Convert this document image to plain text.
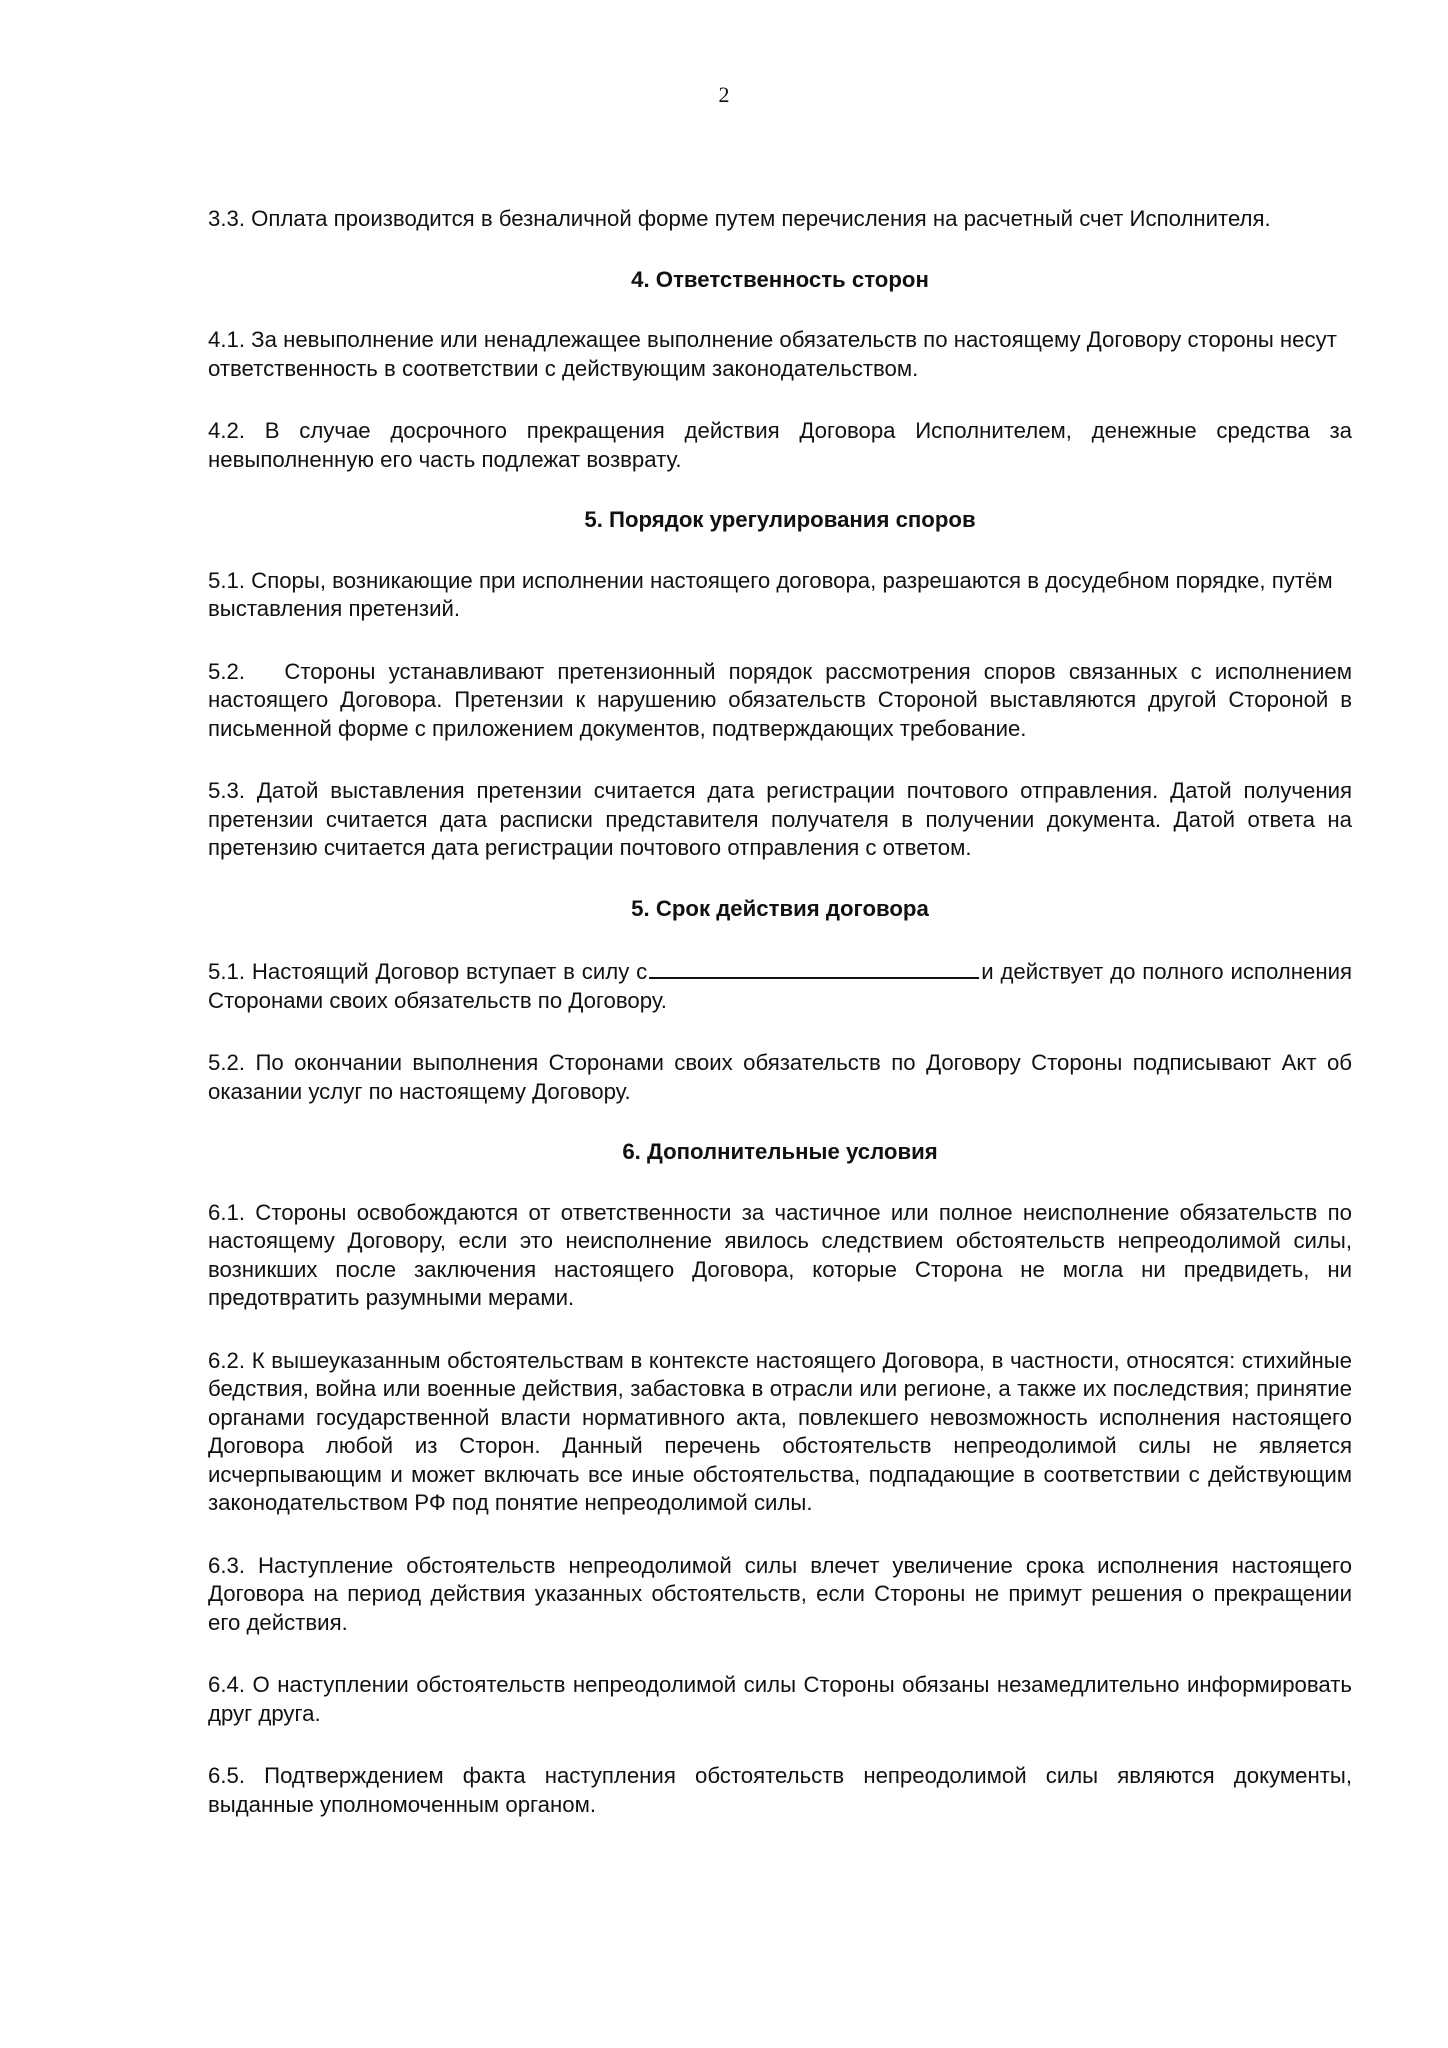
2

3.3. Оплата производится в безналичной форме путем перечисления на расчетный счет Исполнителя.

4. Ответственность сторон

4.1. За невыполнение или ненадлежащее выполнение обязательств по настоящему Договору стороны несут ответственность в соответствии с действующим законодательством.

4.2. В случае досрочного прекращения действия Договора Исполнителем, денежные средства за невыполненную его часть подлежат возврату.

5. Порядок урегулирования споров

5.1. Споры, возникающие при исполнении настоящего договора, разрешаются в досудебном порядке, путём выставления претензий.

5.2.   Стороны устанавливают претензионный порядок рассмотрения споров связанных с исполнением настоящего Договора. Претензии к нарушению обязательств Стороной выставляются другой Стороной в письменной форме с приложением документов, подтверждающих требование.

5.3. Датой выставления претензии считается дата регистрации почтового отправления. Датой получения претензии считается дата расписки представителя получателя в получении документа. Датой ответа на претензию считается дата регистрации почтового отправления с ответом.

5. Срок действия договора

5.1. Настоящий Договор вступает в силу с	и действует до полного исполнения Сторонами своих обязательств по Договору.

5.2. По окончании выполнения Сторонами своих обязательств по Договору Стороны подписывают Акт об оказании услуг по настоящему Договору.

6. Дополнительные условия

6.1. Стороны освобождаются от ответственности за частичное или полное неисполнение обязательств по настоящему Договору, если это неисполнение явилось следствием обстоятельств непреодолимой силы, возникших после заключения настоящего Договора, которые Сторона не могла ни предвидеть, ни предотвратить разумными мерами.

6.2. К вышеуказанным обстоятельствам в контексте настоящего Договора, в частности, относятся: стихийные бедствия, война или военные действия, забастовка в отрасли или регионе, а также их последствия; принятие органами государственной власти нормативного акта, повлекшего невозможность исполнения настоящего Договора любой из Сторон. Данный перечень обстоятельств непреодолимой силы не является исчерпывающим и может включать все иные обстоятельства, подпадающие в соответствии с действующим законодательством РФ под понятие непреодолимой силы.

6.3. Наступление обстоятельств непреодолимой силы влечет увеличение срока исполнения настоящего Договора на период действия указанных обстоятельств, если Стороны не примут решения о прекращении его действия.

6.4. О наступлении обстоятельств непреодолимой силы Стороны обязаны незамедлительно информировать друг друга.

6.5. Подтверждением факта наступления обстоятельств непреодолимой силы являются документы, выданные уполномоченным органом.
